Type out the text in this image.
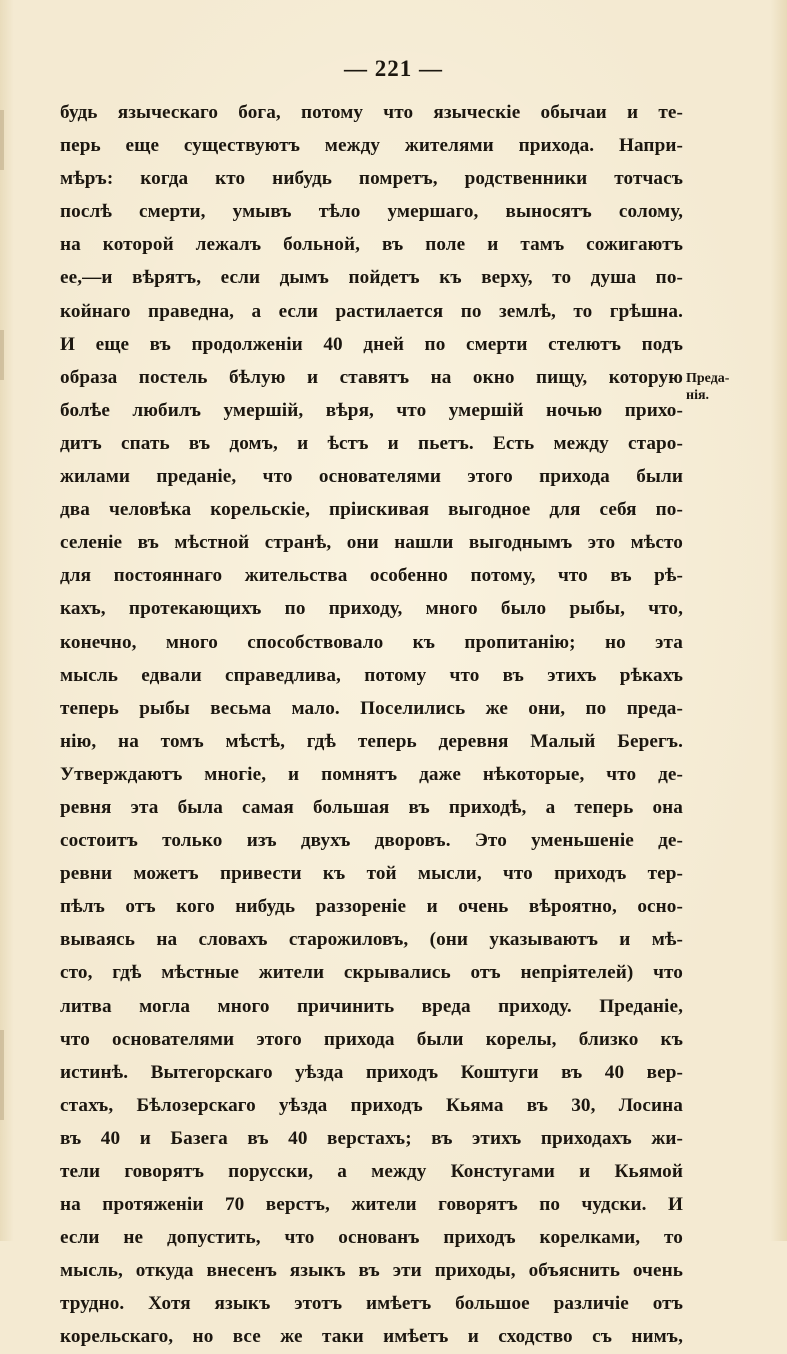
— 221 —
будь языческаго бога, потому что языческіе обычаи и те-
перь еще существуютъ между жителями прихода. Напри-
мѣръ: когда кто нибудь помретъ, родственники тотчасъ
послѣ смерти, умывъ тѣло умершаго, выносятъ солому,
на которой лежалъ больной, въ поле и тамъ сожигаютъ
ее,—и вѣрятъ, если дымъ пойдетъ къ верху, то душа по-
койнаго праведна, а если растилается по землѣ, то грѣшна.
И еще въ продолженіи 40 дней по смерти стелютъ подъ
образа постель бѣлую и ставятъ на окно пищу, которую
болѣе любилъ умершій, вѣря, что умершій ночью прихо-
дитъ спать въ домъ, и ѣстъ и пьетъ. Есть между старо-
жилами преданіе, что основателями этого прихода были
два человѣка корельскіе, пріискивая выгодное для себя по-
селеніе въ мѣстной странѣ, они нашли выгоднымъ это мѣсто
для постояннаго жительства особенно потому, что въ рѣ-
кахъ, протекающихъ по приходу, много было рыбы, что,
конечно, много способствовало къ пропитанію; но эта
мысль едвали справедлива, потому что въ этихъ рѣкахъ
теперь рыбы весьма мало. Поселились же они, по преда-
нію, на томъ мѣстѣ, гдѣ теперь деревня Малый Берегъ.
Утверждаютъ многіе, и помнятъ даже нѣкоторые, что де-
ревня эта была самая большая въ приходѣ, а теперь она
состоитъ только изъ двухъ дворовъ. Это уменьшеніе де-
ревни можетъ привести къ той мысли, что приходъ тер-
пѣлъ отъ кого нибудь раззореніе и очень вѣроятно, осно-
вываясь на словахъ старожиловъ, (они указываютъ и мѣ-
сто, гдѣ мѣстные жители скрывались отъ непріятелей) что
литва могла много причинить вреда приходу. Преданіе,
что основателями этого прихода были корелы, близко къ
истинѣ. Вытегорскаго уѣзда приходъ Коштуги въ 40 вер-
стахъ, Бѣлозерскаго уѣзда приходъ Кьяма въ 30, Лосина
въ 40 и Базега въ 40 верстахъ; въ этихъ приходахъ жи-
тели говорятъ порусски, а между Констугами и Кьямой
на протяженіи 70 верстъ, жители говорятъ по чудски. И
если не допустить, что основанъ приходъ корелками, то
мысль, откуда внесенъ языкъ въ эти приходы, объяснить очень
трудно. Хотя языкъ этотъ имѣетъ большое различіе отъ
корельскаго, но все же таки имѣетъ и сходство съ нимъ,
Преда-
нія.
